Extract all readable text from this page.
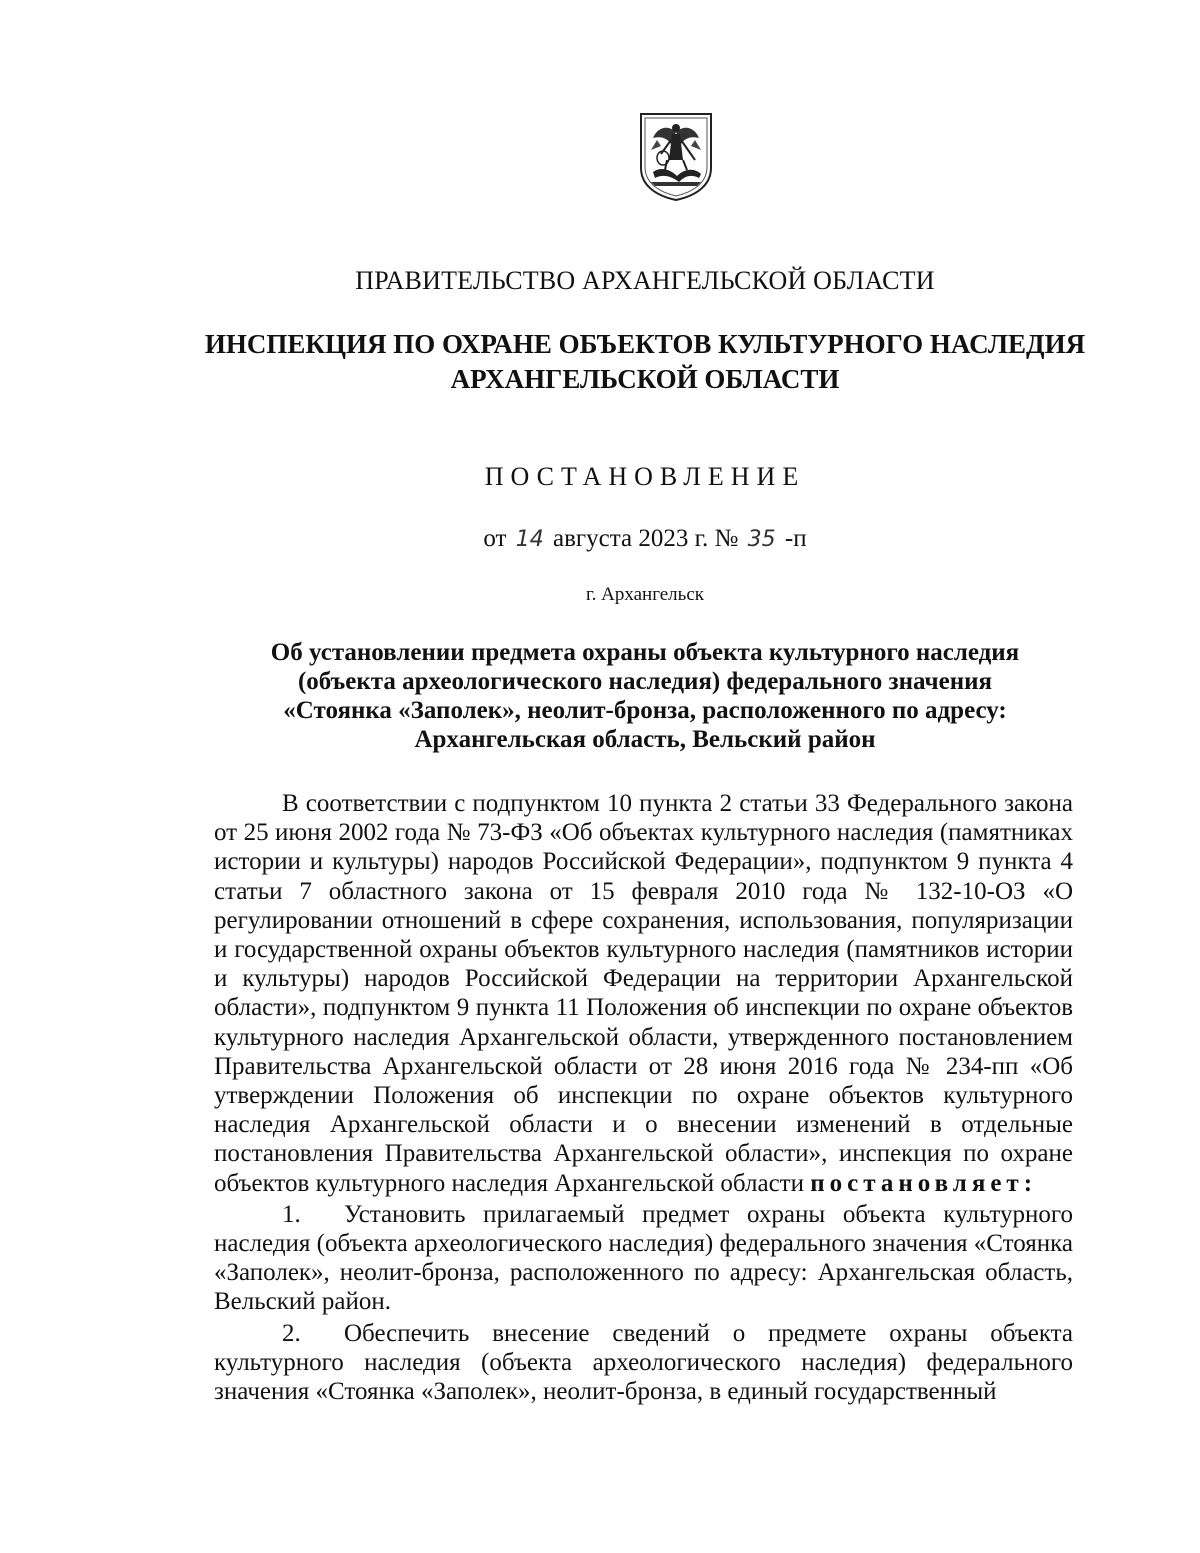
ПРАВИТЕЛЬСТВО АРХАНГЕЛЬСКОЙ ОБЛАСТИ
ИНСПЕКЦИЯ ПО ОХРАНЕ ОБЪЕКТОВ КУЛЬТУРНОГО НАСЛЕДИЯ
АРХАНГЕЛЬСКОЙ ОБЛАСТИ
ПОСТАНОВЛЕНИЕ
от 14 августа 2023 г. № 35 -п
г. Архангельск
Об установлении предмета охраны объекта культурного наследия
(объекта археологического наследия) федерального значения
«Стоянка «Заполек», неолит-бронза, расположенного по адресу:
Архангельская область, Вельский район

В соответствии с подпунктом 10 пункта 2 статьи 33 Федерального закона от 25 июня 2002 года № 73-ФЗ «Об объектах культурного наследия (памятниках истории и культуры) народов Российской Федерации», подпунктом 9 пункта 4 статьи 7 областного закона от 15 февраля 2010 года № 132-10-ОЗ «О регулировании отношений в сфере сохранения, использования, популяризации и государственной охраны объектов культурного наследия (памятников истории и культуры) народов Российской Федерации на территории Архангельской области», подпунктом 9 пункта 11 Положения об инспекции по охране объектов культурного наследия Архангельской области, утвержденного постановлением Правительства Архангельской области от 28 июня 2016 года № 234-пп «Об утверждении Положения об инспекции по охране объектов культурного наследия Архангельской области и о внесении изменений в отдельные постановления Правительства Архангельской области», инспекция по охране объектов культурного наследия Архангельской области постановляет:

1. Установить прилагаемый предмет охраны объекта культурного наследия (объекта археологического наследия) федерального значения «Стоянка «Заполек», неолит-бронза, расположенного по адресу: Архангельская область, Вельский район.

2. Обеспечить внесение сведений о предмете охраны объекта культурного наследия (объекта археологического наследия) федерального значения «Стоянка «Заполек», неолит-бронза, в единый государственный
